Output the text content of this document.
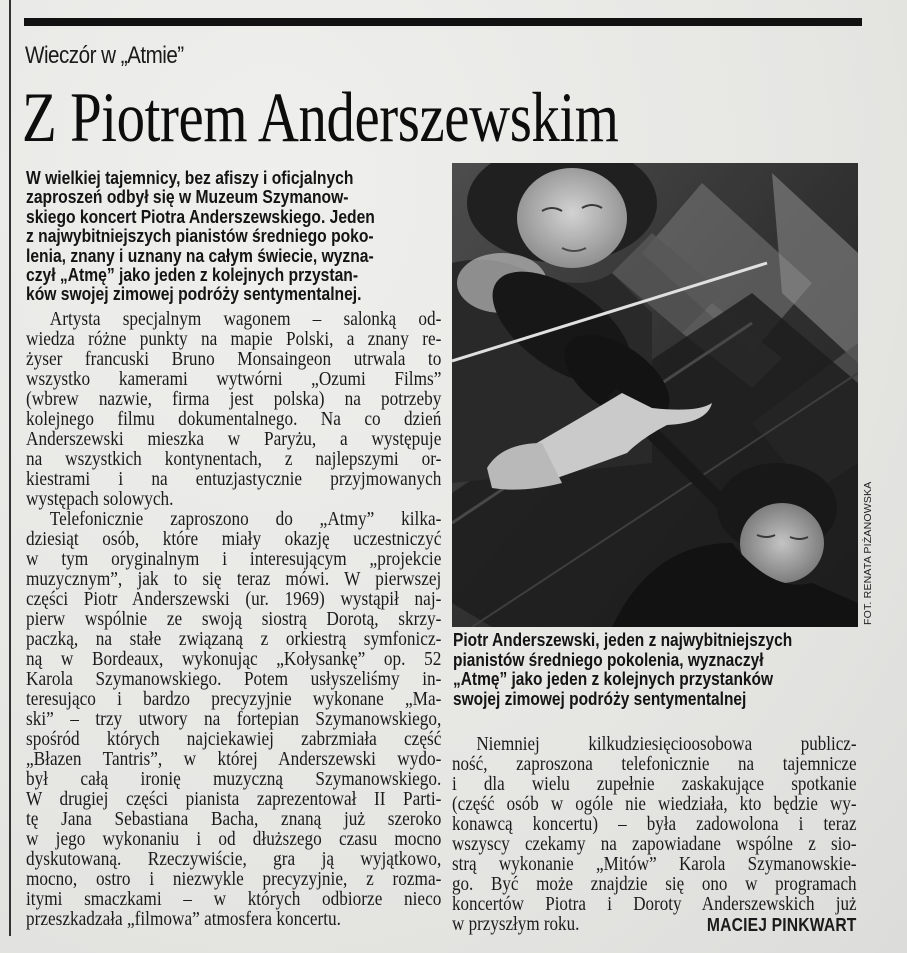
Wieczór w „Atmie”
Z Piotrem Anderszewskim
W wielkiej tajemnicy, bez afiszy i oficjalnych
zaproszeń odbył się w Muzeum Szymanow-
skiego koncert Piotra Anderszewskiego. Jeden
z najwybitniejszych pianistów średniego poko-
lenia, znany i uznany na całym świecie, wyzna-
czył „Atmę” jako jeden z kolejnych przystan-
ków swojej zimowej podróży sentymentalnej.
Artysta specjalnym wagonem – salonką od-
wiedza różne punkty na mapie Polski, a znany re-
żyser francuski Bruno Monsaingeon utrwala to
wszystko kamerami wytwórni „Ozumi Films”
(wbrew nazwie, firma jest polska) na potrzeby
kolejnego filmu dokumentalnego. Na co dzień
Anderszewski mieszka w Paryżu, a występuje
na wszystkich kontynentach, z najlepszymi or-
kiestrami i na entuzjastycznie przyjmowanych
występach solowych.
Telefonicznie zaproszono do „Atmy” kilka-
dziesiąt osób, które miały okazję uczestniczyć
w tym oryginalnym i interesującym „projekcie
muzycznym”, jak to się teraz mówi. W pierwszej
części Piotr Anderszewski (ur. 1969) wystąpił naj-
pierw wspólnie ze swoją siostrą Dorotą, skrzy-
paczką, na stałe związaną z orkiestrą symfonicz-
ną w Bordeaux, wykonując „Kołysankę” op. 52
Karola Szymanowskiego. Potem usłyszeliśmy in-
teresująco i bardzo precyzyjnie wykonane „Ma-
ski” – trzy utwory na fortepian Szymanowskiego,
spośród których najciekawiej zabrzmiała część
„Błazen Tantris”, w której Anderszewski wydo-
był całą ironię muzyczną Szymanowskiego.
W drugiej części pianista zaprezentował II Parti-
tę Jana Sebastiana Bacha, znaną już szeroko
w jego wykonaniu i od dłuższego czasu mocno
dyskutowaną. Rzeczywiście, gra ją wyjątkowo,
mocno, ostro i niezwykle precyzyjnie, z rozma-
itymi smaczkami – w których odbiorze nieco
przeszkadzała „filmowa” atmosfera koncertu.
FOT. RENATA PIŻANOWSKA
Piotr Anderszewski, jeden z najwybitniejszych
pianistów średniego pokolenia, wyznaczył
„Atmę” jako jeden z kolejnych przystanków
swojej zimowej podróży sentymentalnej
Niemniej kilkudziesięcioosobowa publicz-
ność, zaproszona telefonicznie na tajemnicze
i dla wielu zupełnie zaskakujące spotkanie
(część osób w ogóle nie wiedziała, kto będzie wy-
konawcą koncertu) – była zadowolona i teraz
wszyscy czekamy na zapowiadane wspólne z sio-
strą wykonanie „Mitów” Karola Szymanowskie-
go. Być może znajdzie się ono w programach
koncertów Piotra i Doroty Anderszewskich już
w przyszłym roku.	MACIEJ PINKWART
